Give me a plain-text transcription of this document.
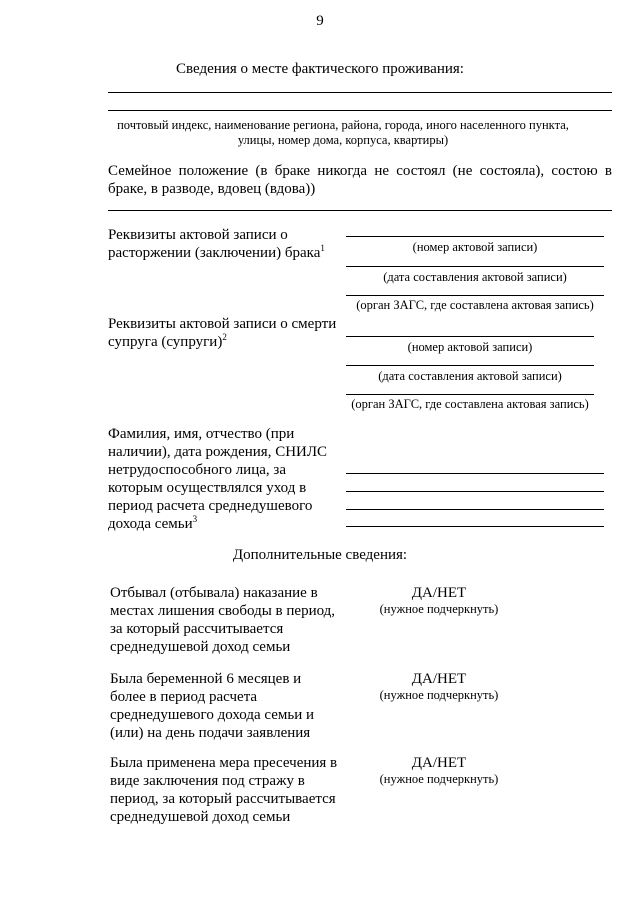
9
Сведения о месте фактического проживания:
почтовый индекс, наименование региона, района, города, иного населенного пункта,
улицы, номер дома, корпуса, квартиры)
Семейное положение (в браке никогда не состоял (не состояла), состою в браке, в разводе, вдовец (вдова))
Реквизиты актовой записи о расторжении (заключении) брака$^1$	(номер актовой записи)
(дата составления актовой записи)
(орган ЗАГС, где составлена актовая запись)
Реквизиты актовой записи о смерти супруга (супруги)$^2$
(номер актовой записи)
(дата составления актовой записи)
(орган ЗАГС, где составлена актовая запись)
Фамилия, имя, отчество (при наличии), дата рождения, СНИЛС нетрудоспособного лица, за которым осуществлялся уход в период расчета среднедушевого дохода семьи$^3$
Дополнительные сведения:
Отбывал (отбывала) наказание в
местах лишения свободы в период,
за который рассчитывается
среднедушевой доход семьи
ДА/НЕТ
(нужное подчеркнуть)
Была беременной 6 месяцев и
более в период расчета
среднедушевого дохода семьи и
(или) на день подачи заявления
ДА/НЕТ
(нужное подчеркнуть)
Была применена мера пресечения в
виде заключения под стражу в
период, за который рассчитывается
среднедушевой доход семьи
ДА/НЕТ
(нужное подчеркнуть)
